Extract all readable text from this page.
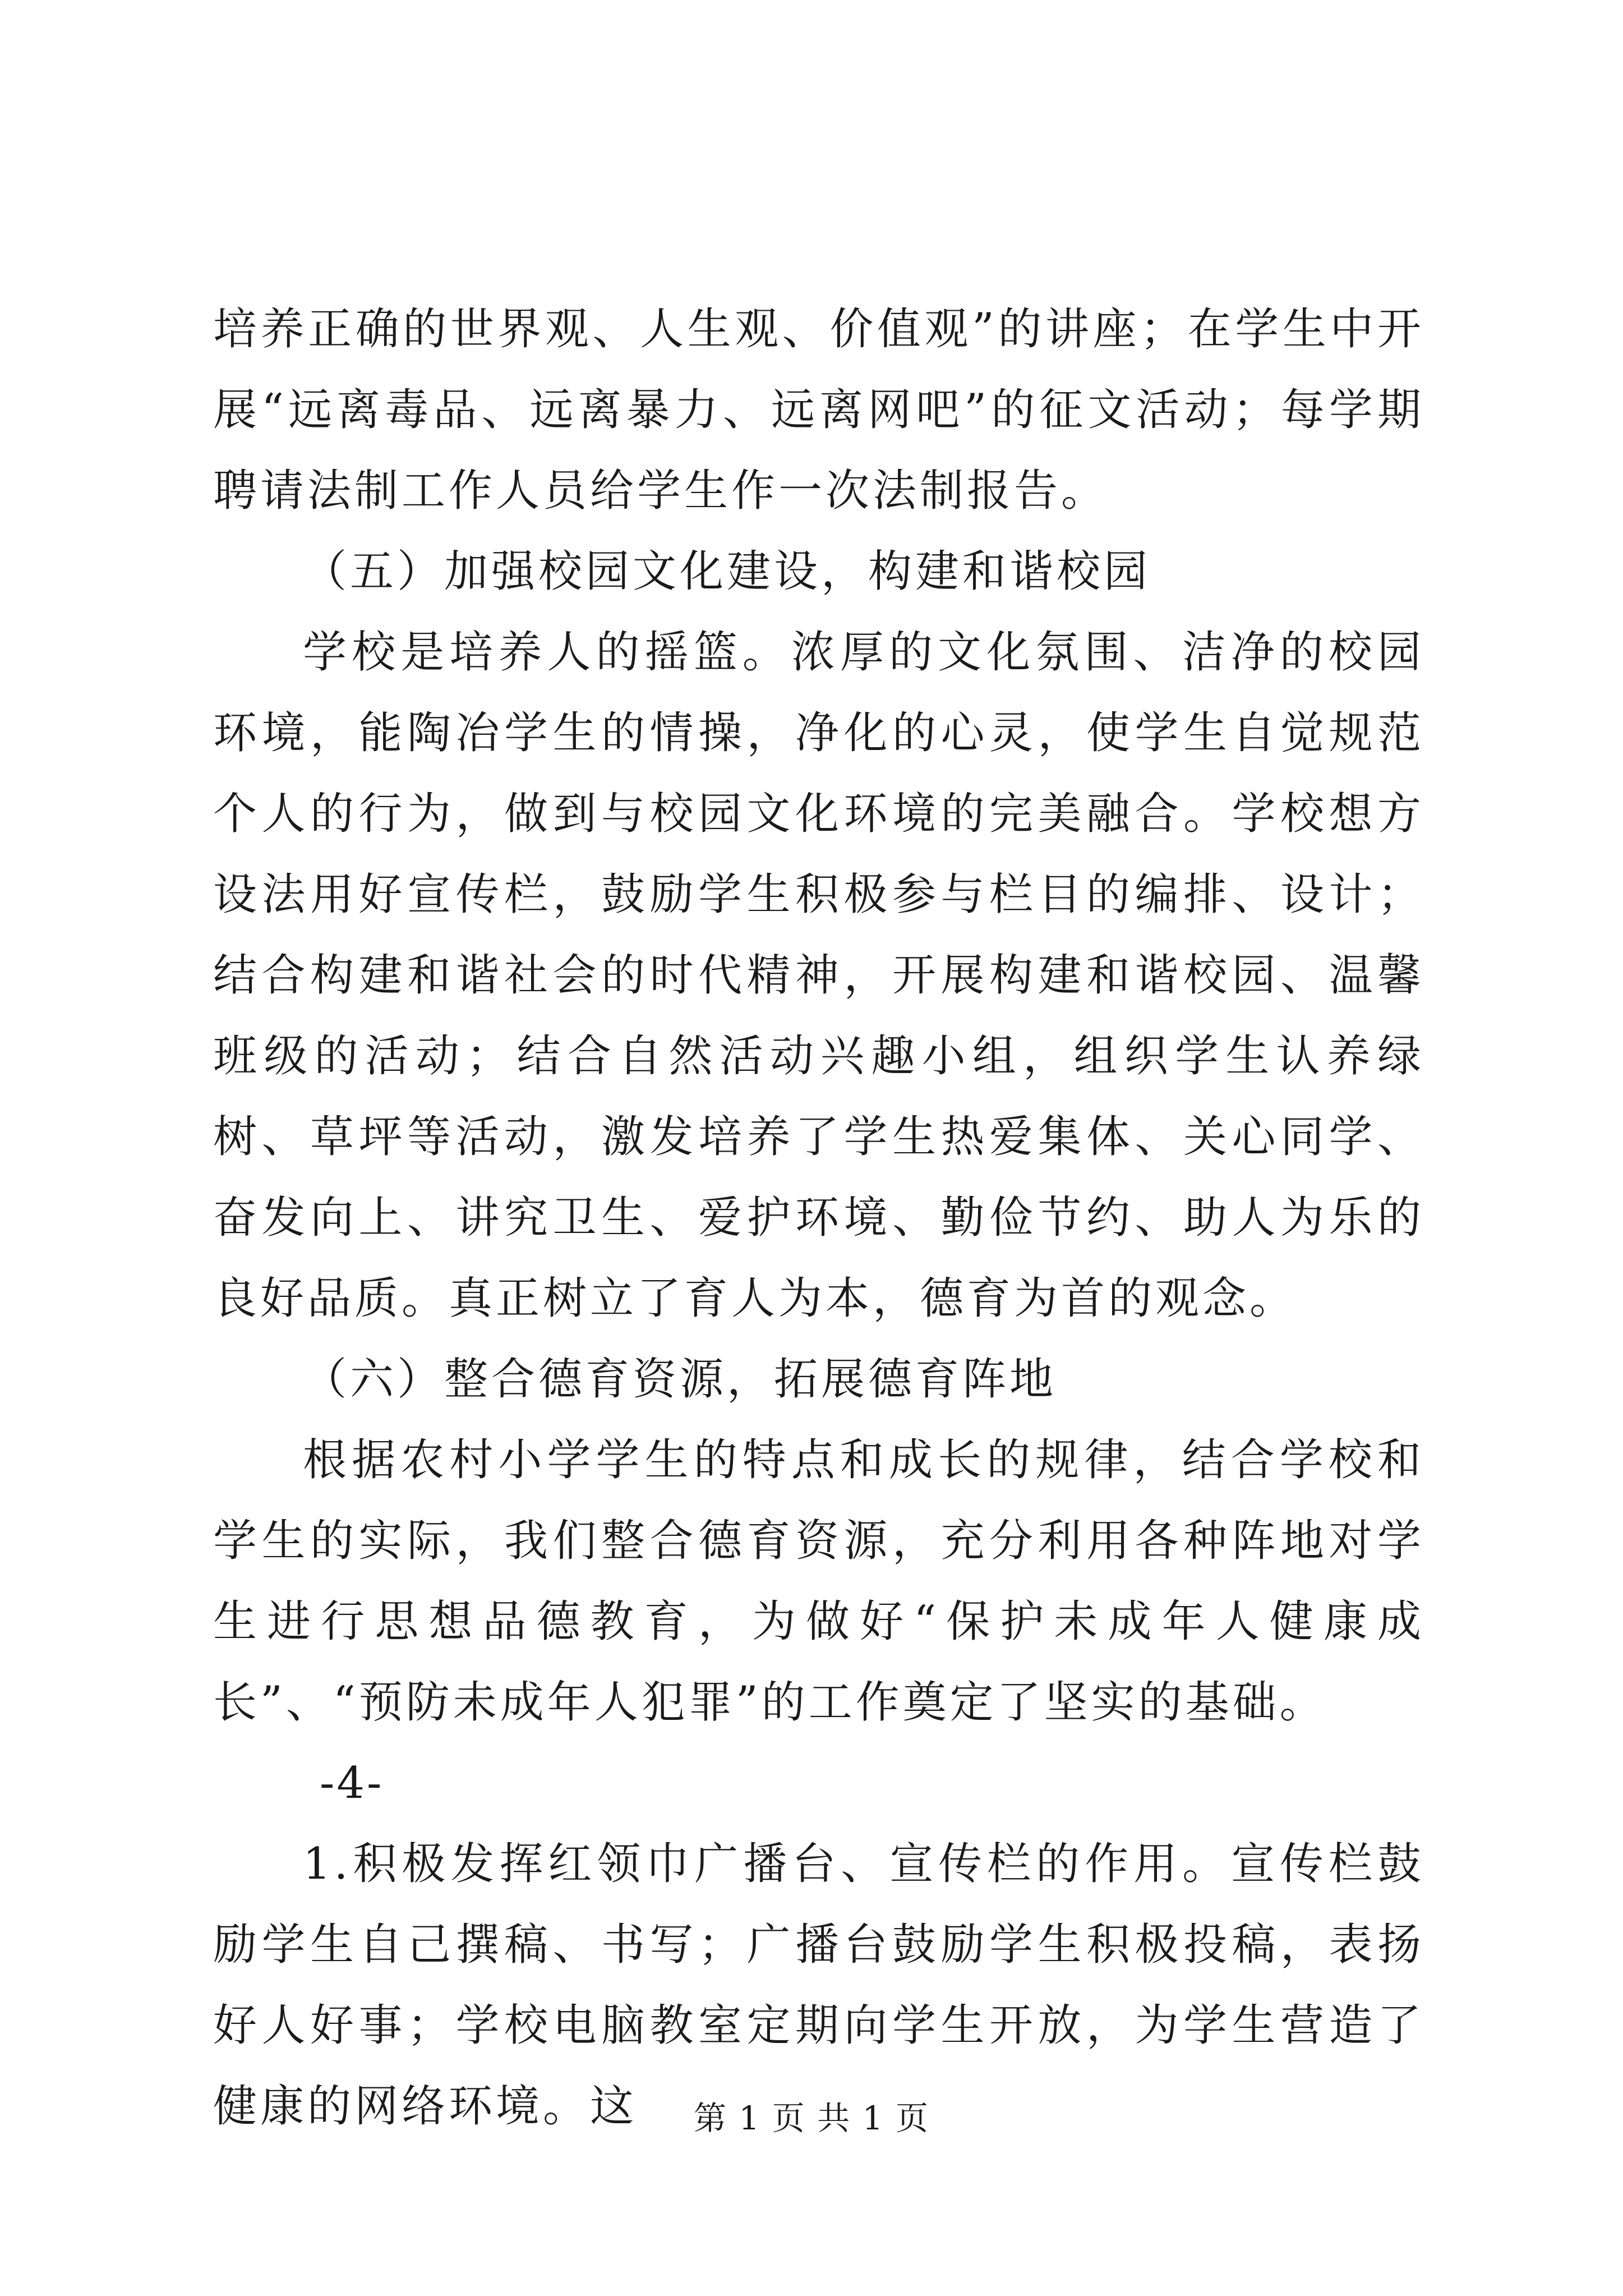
培养正确的世界观、人生观、价值观”的讲座；在学生中开展“远离毒品、远离暴力、远离网吧”的征文活动；每学期聘请法制工作人员给学生作一次法制报告。

（五）加强校园文化建设，构建和谐校园

学校是培养人的摇篮。浓厚的文化氛围、洁净的校园环境，能陶冶学生的情操，净化的心灵，使学生自觉规范个人的行为，做到与校园文化环境的完美融合。学校想方设法用好宣传栏，鼓励学生积极参与栏目的编排、设计；结合构建和谐社会的时代精神，开展构建和谐校园、温馨班级的活动；结合自然活动兴趣小组，组织学生认养绿树、草坪等活动，激发培养了学生热爱集体、关心同学、奋发向上、讲究卫生、爱护环境、勤俭节约、助人为乐的良好品质。真正树立了育人为本，德育为首的观念。

（六）整合德育资源，拓展德育阵地

根据农村小学学生的特点和成长的规律，结合学校和学生的实际，我们整合德育资源，充分利用各种阵地对学生进行思想品德教育，为做好“保护未成年人健康成长”、“预防未成年人犯罪”的工作奠定了坚实的基础。

-4-

1.积极发挥红领巾广播台、宣传栏的作用。宣传栏鼓励学生自己撰稿、书写；广播台鼓励学生积极投稿，表扬好人好事；学校电脑教室定期向学生开放，为学生营造了健康的网络环境。这	第 1 页 共 1 页
